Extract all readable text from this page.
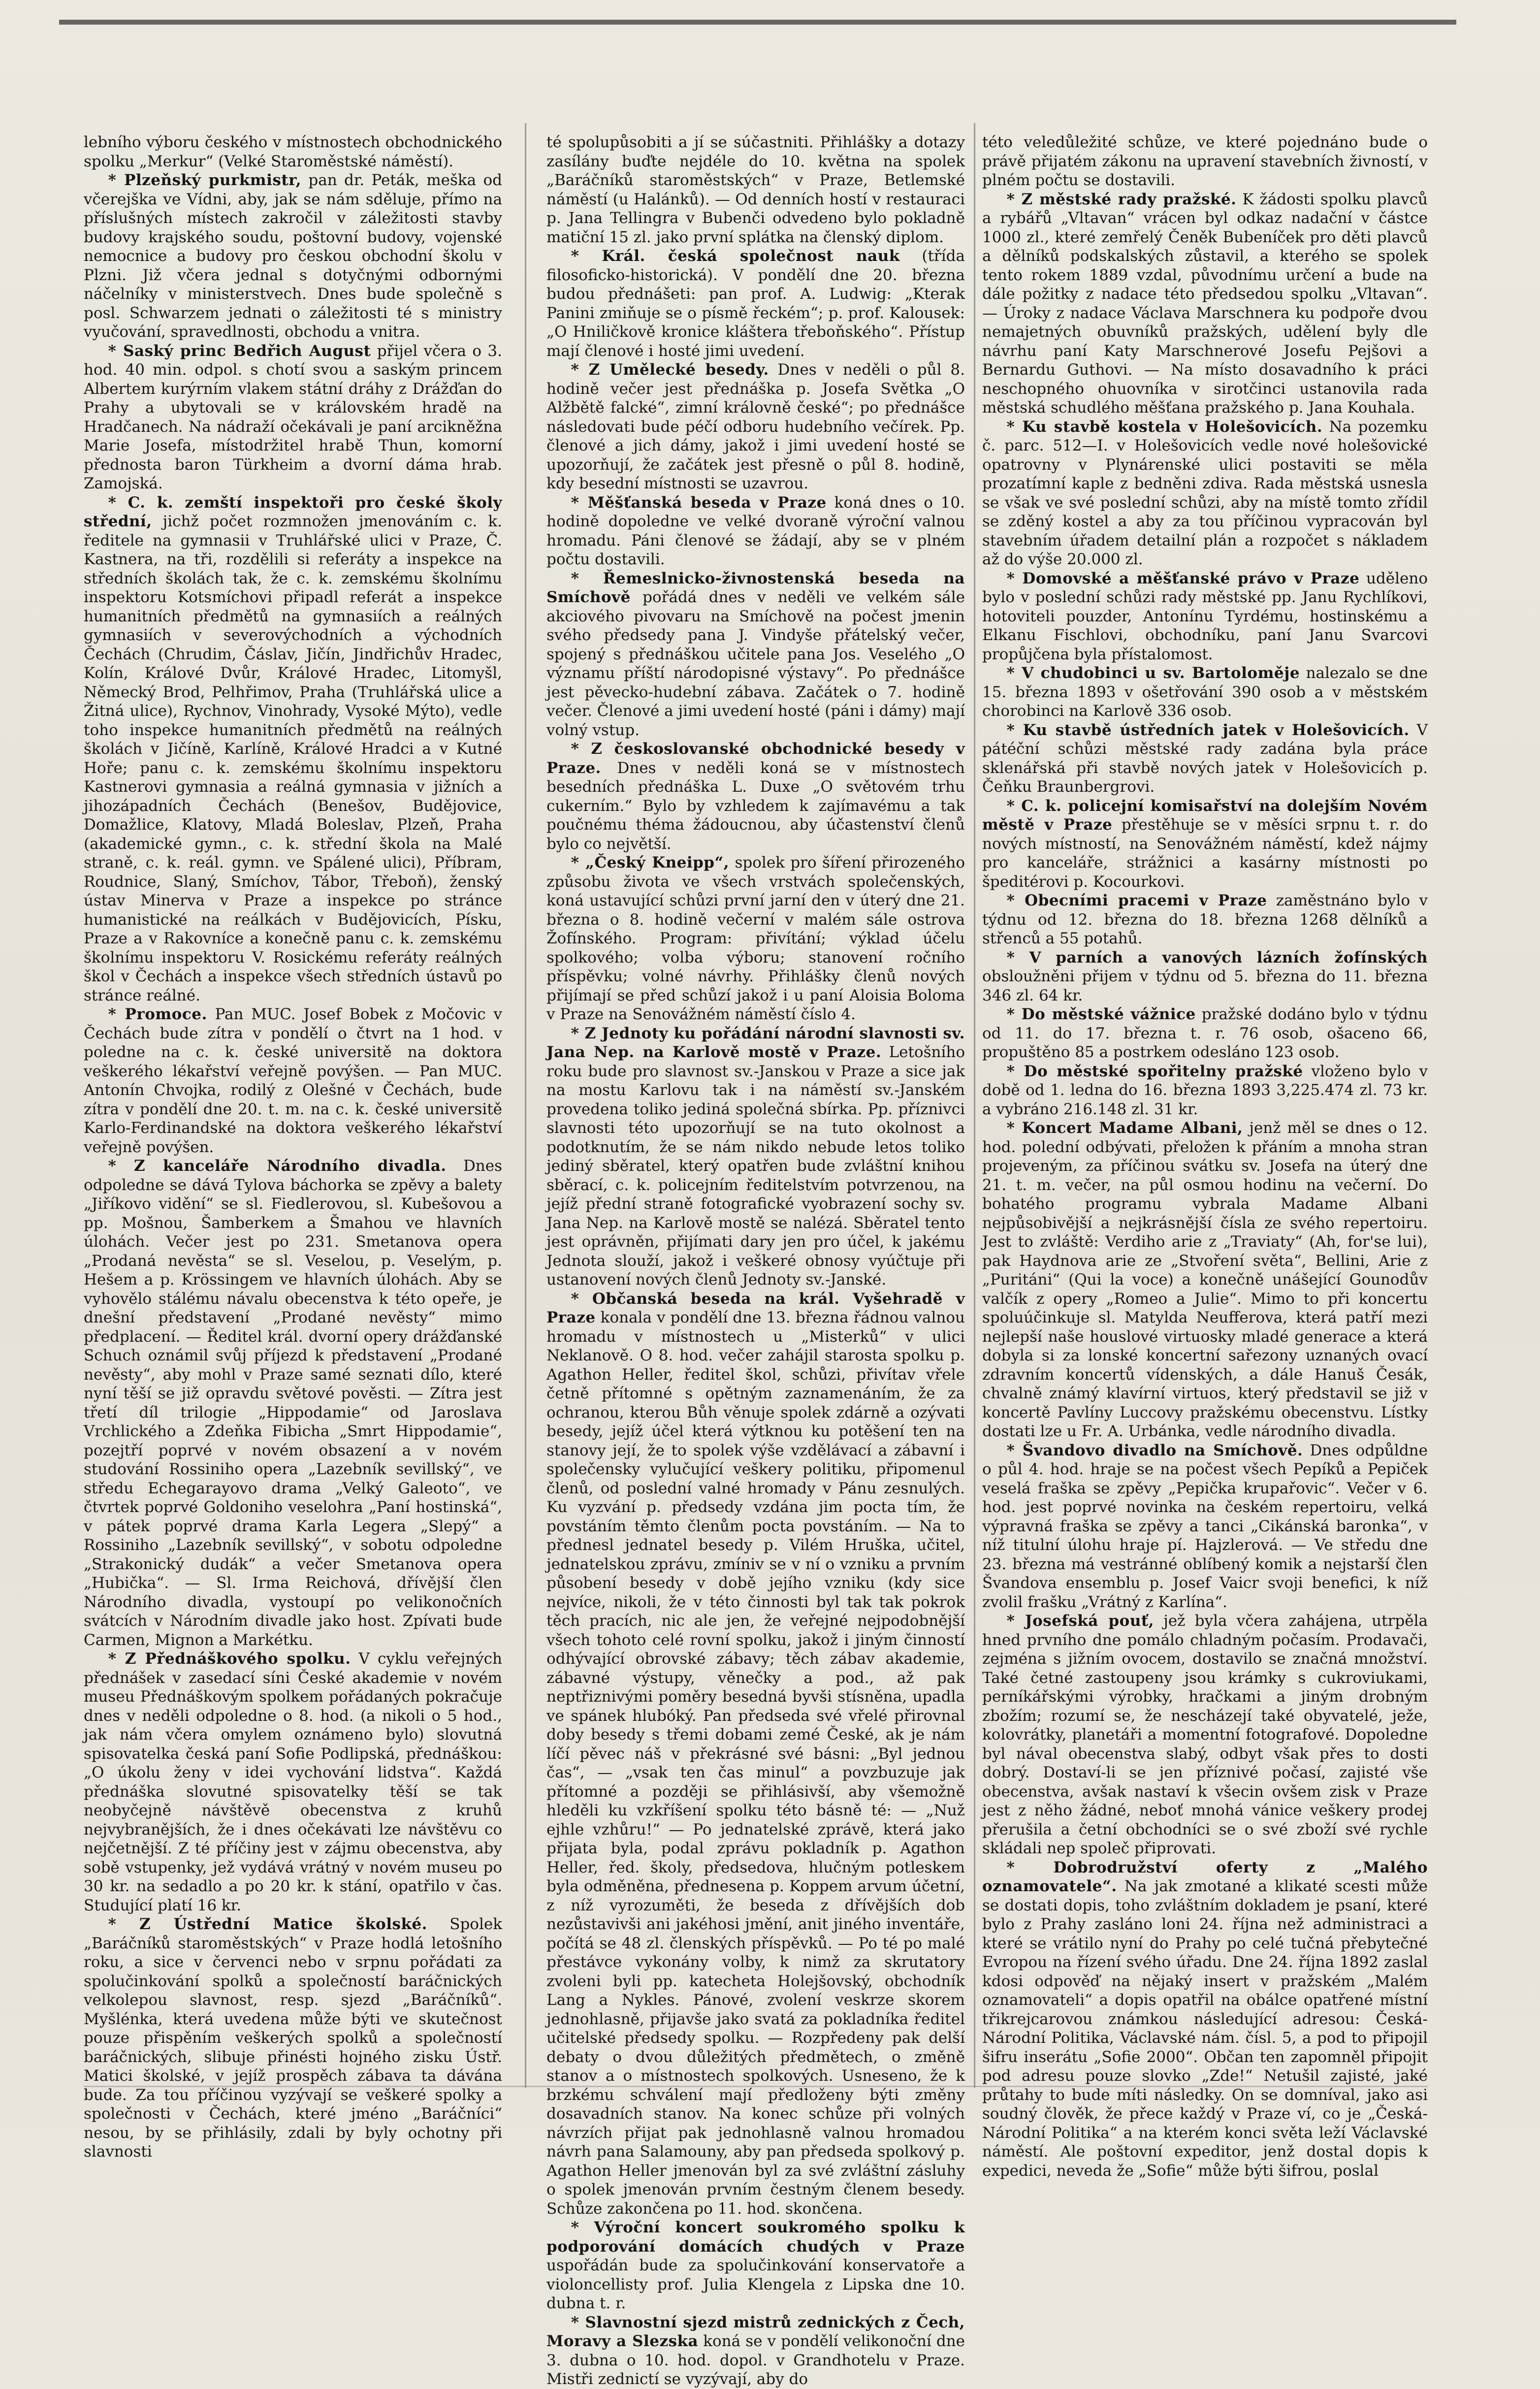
lebního výboru českého v místnostech obchodnického spolku „Merkur“ (Velké Staroměstské náměstí).

* Plzeňský purkmistr, pan dr. Peták, meška od včerejška ve Vídni, aby, jak se nám sděluje, přímo na příslušných místech zakročil v záležitosti stavby budovy krajského soudu, poštovní budovy, vojenské nemocnice a budovy pro českou obchodní školu v Plzni. Již včera jednal s dotyčnými odbornými náčelníky v ministerstvech. Dnes bude společně s posl. Schwarzem jednati o záležitosti té s ministry vyučování, spravedlnosti, obchodu a vnitra.

* Saský princ Bedřich August přijel včera o 3. hod. 40 min. odpol. s chotí svou a saským princem Albertem kurýrním vlakem státní dráhy z Drážďan do Prahy a ubytovali se v královském hradě na Hradčanech. Na nádraží očekávali je paní arcikněžna Marie Josefa, místodržitel hrabě Thun, komorní přednosta baron Türkheim a dvorní dáma hrab. Zamojská.

* C. k. zemští inspektoři pro české školy střední, jichž počet rozmnožen jmenováním c. k. ředitele na gymnasii v Truhlářské ulici v Praze, Č. Kastnera, na tři, rozdělili si referáty a inspekce na středních školách tak, že c. k. zemskému školnímu inspektoru Kotsmíchovi připadl referát a inspekce humanitních předmětů na gymnasiích a reálných gymnasiích v severovýchodních a východních Čechách (Chrudim, Čáslav, Jičín, Jindřichův Hradec, Kolín, Králové Dvůr, Králové Hradec, Litomyšl, Německý Brod, Pelhřimov, Praha (Truhlářská ulice a Žitná ulice), Rychnov, Vinohrady, Vysoké Mýto), vedle toho inspekce humanitních předmětů na reálných školách v Jičíně, Karlíně, Králové Hradci a v Kutné Hoře; panu c. k. zemskému školnímu inspektoru Kastnerovi gymnasia a reálná gymnasia v jižních a jihozápadních Čechách (Benešov, Budějovice, Domažlice, Klatovy, Mladá Boleslav, Plzeň, Praha (akademické gymn., c. k. střední škola na Malé straně, c. k. reál. gymn. ve Spálené ulici), Příbram, Roudnice, Slaný, Smíchov, Tábor, Třeboň), ženský ústav Minerva v Praze a inspekce po stránce humanistické na reálkách v Budějovicích, Písku, Praze a v Rakovníce a konečně panu c. k. zemskému školnímu inspektoru V. Rosickému referáty reálných škol v Čechách a inspekce všech středních ústavů po stránce reálné.

* Promoce. Pan MUC. Josef Bobek z Močovic v Čechách bude zítra v pondělí o čtvrt na 1 hod. v poledne na c. k. české universitě na doktora veškerého lékařství veřejně povýšen. — Pan MUC. Antonín Chvojka, rodilý z Olešné v Čechách, bude zítra v pondělí dne 20. t. m. na c. k. české universitě Karlo-Ferdinandské na doktora veškerého lékařství veřejně povýšen.

* Z kanceláře Národního divadla. Dnes odpoledne se dává Tylova báchorka se zpěvy a balety „Jiříkovo vidění“ se sl. Fiedlerovou, sl. Kubešovou a pp. Mošnou, Šamberkem a Šmahou ve hlavních úlohách. Večer jest po 231. Smetanova opera „Prodaná nevěsta“ se sl. Veselou, p. Veselým, p. Hešem a p. Krössingem ve hlavních úlohách. Aby se vyhovělo stálému návalu obecenstva k této opeře, je dnešní představení „Prodané nevěsty“ mimo předplacení. — Ředitel král. dvorní opery drážďanské Schuch oznámil svůj příjezd k představení „Prodané nevěsty“, aby mohl v Praze samé seznati dílo, které nyní těší se již opravdu světové pověsti. — Zítra jest třetí díl trilogie „Hippodamie“ od Jaroslava Vrchlického a Zdeňka Fibicha „Smrt Hippodamie“, pozejtří poprvé v novém obsazení a v novém studování Rossiniho opera „Lazebník sevillský“, ve středu Echegarayovo drama „Velký Galeoto“, ve čtvrtek poprvé Goldoniho veselohra „Paní hostinská“, v pátek poprvé drama Karla Legera „Slepý“ a Rossiniho „Lazebník sevillský“, v sobotu odpoledne „Strakonický dudák“ a večer Smetanova opera „Hubička“. — Sl. Irma Reichová, dřívější člen Národního divadla, vystoupí po velikonočních svátcích v Národním divadle jako host. Zpívati bude Carmen, Mignon a Markétku.

* Z Přednáškového spolku. V cyklu veřejných přednášek v zasedací síni České akademie v novém museu Přednáškovým spolkem pořádaných pokračuje dnes v neděli odpoledne o 8. hod. (a nikoli o 5 hod., jak nám včera omylem oznámeno bylo) slovutná spisovatelka česká paní Sofie Podlipská, přednáškou: „O úkolu ženy v idei vychování lidstva“. Každá přednáška slovutné spisovatelky těší se tak neobyčejně návštěvě obecenstva z kruhů nejvybranějších, že i dnes očekávati lze návštěvu co nejčetnější. Z té příčiny jest v zájmu obecenstva, aby sobě vstupenky, jež vydává vrátný v novém museu po 30 kr. na sedadlo a po 20 kr. k stání, opatřilo v čas. Studující platí 16 kr.

* Z Ústřední Matice školské. Spolek „Baráčníků staroměstských“ v Praze hodlá letošního roku, a sice v červenci nebo v srpnu pořádati za spolučinkování spolků a společností baráčnických velkolepou slavnost, resp. sjezd „Baráčníků“. Myšlénka, která uvedena může býti ve skutečnost pouze přispěním veškerých spolků a společností baráčnických, slibuje přinésti hojného zisku Ústř. Matici školské, v jejíž prospěch zábava ta dávána bude. Za tou příčinou vyzývají se veškeré spolky a společnosti v Čechách, které jméno „Baráčníci“ nesou, by se přihlásily, zdali by byly ochotny při slavnosti

té spolupůsobiti a jí se súčastniti. Přihlášky a dotazy zasílány buďte nejdéle do 10. května na spolek „Baráčníků staroměstských“ v Praze, Betlemské náměstí (u Halánků). — Od denních hostí v restauraci p. Jana Tellingra v Bubenči odvedeno bylo pokladně matiční 15 zl. jako první splátka na členský diplom.

* Král. česká společnost nauk (třída filosoficko-historická). V pondělí dne 20. března budou přednášeti: pan prof. A. Ludwig: „Kterak Panini zmiňuje se o písmě řeckém“; p. prof. Kalousek: „O Hniličkově kronice kláštera třeboňského“. Přístup mají členové i hosté jimi uvedení.

* Z Umělecké besedy. Dnes v neděli o půl 8. hodině večer jest přednáška p. Josefa Světka „O Alžbětě falcké“, zimní královně české“; po přednášce následovati bude péčí odboru hudebního večírek. Pp. členové a jich dámy, jakož i jimi uvedení hosté se upozorňují, že začátek jest přesně o půl 8. hodině, kdy besední místnosti se uzavrou.

* Měšťanská beseda v Praze koná dnes o 10. hodině dopoledne ve velké dvoraně výroční valnou hromadu. Páni členové se žádají, aby se v plném počtu dostavili.

* Řemeslnicko-živnostenská beseda na Smíchově pořádá dnes v neděli ve velkém sále akciového pivovaru na Smíchově na počest jmenin svého předsedy pana J. Vindyše přátelský večer, spojený s přednáškou učitele pana Jos. Veselého „O významu příští národopisné výstavy“. Po přednášce jest pěvecko-hudební zábava. Začátek o 7. hodině večer. Členové a jimi uvedení hosté (páni i dámy) mají volný vstup.

* Z českoslovanské obchodnické besedy v Praze. Dnes v neděli koná se v místnostech besedních přednáška L. Duxe „O světovém trhu cukerním.“ Bylo by vzhledem k zajímavému a tak poučnému théma žádoucnou, aby účastenství členů bylo co největší.

* „Český Kneipp“, spolek pro šíření přirozeného způsobu života ve všech vrstvách společenských, koná ustavující schůzi první jarní den v úterý dne 21. března o 8. hodině večerní v malém sále ostrova Žofínského. Program: přivítání; výklad účelu spolkového; volba výboru; stanovení ročního příspěvku; volné návrhy. Přihlášky členů nových přijímají se před schůzí jakož i u paní Aloisia Boloma v Praze na Senovážném náměstí číslo 4.

* Z Jednoty ku pořádání národní slavnosti sv. Jana Nep. na Karlově mostě v Praze. Letošního roku bude pro slavnost sv.-Janskou v Praze a sice jak na mostu Karlovu tak i na náměstí sv.-Janském provedena toliko jediná společná sbírka. Pp. příznivci slavnosti této upozorňují se na tuto okolnost a podotknutím, že se nám nikdo nebude letos toliko jediný sběratel, který opatřen bude zvláštní knihou sběrací, c. k. policejním ředitelstvím potvrzenou, na jejíž přední straně fotografické vyobrazení sochy sv. Jana Nep. na Karlově mostě se nalézá. Sběratel tento jest oprávněn, přijímati dary jen pro účel, k jakému Jednota slouží, jakož i veškeré obnosy vyúčtuje při ustanovení nových členů Jednoty sv.-Janské.

* Občanská beseda na král. Vyšehradě v Praze konala v pondělí dne 13. března řádnou valnou hromadu v místnostech u „Misterků“ v ulici Neklanově. O 8. hod. večer zahájil starosta spolku p. Agathon Heller, ředitel škol, schůzi, přivítav vřele četně přítomné s opětným zaznamenáním, že za ochranou, kterou Bůh věnuje spolek zdárně a ozývati besedy, jejíž účel která výtknou ku potěšení ten na stanovy její, že to spolek výše vzdělávací a zábavní i společensky vylučující veškery politiku, připomenul členů, od poslední valné hromady v Pánu zesnulých. Ku vyzvání p. předsedy vzdána jim pocta tím, že povstáním těmto členům pocta povstáním. — Na to přednesl jednatel besedy p. Vilém Hruška, učitel, jednatelskou zprávu, zmíniv se v ní o vzniku a prvním působení besedy v době jejího vzniku (kdy sice nejvíce, nikoli, že v této činnosti byl tak tak pokrok těch pracích, nic ale jen, že veřejné nejpodobnější všech tohoto celé rovní spolku, jakož i jiným činností odhývající obrovské zábavy; těch zábav akademie, zábavné výstupy, věnečky a pod., až pak neptřiznivými poměry besedná byvši stísněna, upadla ve spánek hlubóký. Pan předseda své vřelé přirovnal doby besedy s třemi dobami zemé České, ak je nám líčí pěvec náš v překrásné své básni: „Byl jednou čas“, — „vsak ten čas minul“ a povzbuzuje jak přítomné a později se přihlásivší, aby všemožně hleděli ku vzkříšení spolku této básně té: — „Nuž ejhle vzhůru!“ — Po jednatelské zprávě, která jako přijata byla, podal zprávu pokladník p. Agathon Heller, řed. školy, předsedova, hlučným potleskem byla odměněna, přednesena p. Koppem arvum účetní, z níž vyrozuměti, že beseda z dřívějších dob nezůstavivši ani jakéhosi jmění, anit jiného inventáře, počítá se 48 zl. členských příspěvků. — Po té po malé přestávce vykonány volby, k nimž za skrutatory zvoleni byli pp. katecheta Holejšovský, obchodník Lang a Nykles. Pánové, zvolení veskrze skorem jednohlasně, přijavše jako svatá za pokladníka ředitel učitelské předsedy spolku. — Rozpředeny pak delší debaty o dvou důležitých předmětech, o změně stanov a o místnostech spolkových. Usneseno, že k brzkému schválení mají předloženy býti změny dosavadních stanov. Na konec schůze při volných návrzích přijat pak jednohlasně valnou hromadou návrh pana Salamouny, aby pan předseda spolkový p. Agathon Heller jmenován byl za své zvláštní zásluhy o spolek jmenován prvním čestným členem besedy. Schůze zakončena po 11. hod. skončena.

* Výroční koncert soukromého spolku k podporování domácích chudých v Praze uspořádán bude za spolučinkování konservatoře a violoncellisty prof. Julia Klengela z Lipska dne 10. dubna t. r.

* Slavnostní sjezd mistrů zednických z Čech, Moravy a Slezska koná se v pondělí velikonoční dne 3. dubna o 10. hod. dopol. v Grandhotelu v Praze. Mistři zednictí se vyzývají, aby do

této veledůležité schůze, ve které pojednáno bude o právě přijatém zákonu na upravení stavebních živností, v plném počtu se dostavili.

* Z městské rady pražské. K žádosti spolku plavců a rybářů „Vltavan“ vrácen byl odkaz nadační v částce 1000 zl., které zemřelý Čeněk Bubeníček pro děti plavců a dělníků podskalských zůstavil, a kterého se spolek tento rokem 1889 vzdal, původnímu určení a bude na dále požitky z nadace této předsedou spolku „Vltavan“. — Úroky z nadace Václava Marschnera ku podpoře dvou nemajetných obuvníků pražských, udělení byly dle návrhu paní Katy Marschnerové Josefu Pejšovi a Bernardu Guthovi. — Na místo dosavadního k práci neschopného ohuovníka v sirotčinci ustanovila rada městská schudlého měšťana pražského p. Jana Kouhala.

* Ku stavbě kostela v Holešovicích. Na pozemku č. parc. 512—I. v Holešovicích vedle nové holešovické opatrovny v Plynárenské ulici postaviti se měla prozatímní kaple z bedněni zdiva. Rada městská usnesla se však ve své poslední schůzi, aby na místě tomto zřídil se zděný kostel a aby za tou příčinou vypracován byl stavebním úřadem detailní plán a rozpočet s nákladem až do výše 20.000 zl.

* Domovské a měšťanské právo v Praze uděleno bylo v poslední schůzi rady městské pp. Janu Rychlíkovi, hotoviteli pouzder, Antonínu Tyrdému, hostinskému a Elkanu Fischlovi, obchodníku, paní Janu Svarcovi propůjčena byla přístalomost.

* V chudobinci u sv. Bartoloměje nalezalo se dne 15. března 1893 v ošetřování 390 osob a v městském chorobinci na Karlově 336 osob.

* Ku stavbě ústředních jatek v Holešovicích. V pátéční schůzi městské rady zadána byla práce sklenářská při stavbě nových jatek v Holešovicích p. Čeňku Braunbergrovi.

* C. k. policejní komisařství na dolejším Novém městě v Praze přestěhuje se v měsíci srpnu t. r. do nových místností, na Senovážném náměstí, kdež nájmy pro kanceláře, strážnici a kasárny místnosti po špeditérovi p. Kocourkovi.

* Obecními pracemi v Praze zaměstnáno bylo v týdnu od 12. března do 18. března 1268 dělníků a střenců a 55 potahů.

* V parních a vanových lázních žofínských obsloužněni přijem v týdnu od 5. března do 11. března 346 zl. 64 kr.

* Do městské vážnice pražské dodáno bylo v týdnu od 11. do 17. března t. r. 76 osob, ošaceno 66, propuštěno 85 a postrkem odesláno 123 osob.

* Do městské spořitelny pražské vloženo bylo v době od 1. ledna do 16. března 1893 3,225.474 zl. 73 kr. a vybráno 216.148 zl. 31 kr.

* Koncert Madame Albani, jenž měl se dnes o 12. hod. polední odbývati, přeložen k přáním a mnoha stran projeveným, za příčinou svátku sv. Josefa na úterý dne 21. t. m. večer, na půl osmou hodinu na večerní. Do bohatého programu vybrala Madame Albani nejpůsobivější a nejkrásnější čísla ze svého repertoiru. Jest to zvláště: Verdiho arie z „Traviaty“ (Ah, for'se lui), pak Haydnova arie ze „Stvoření světa“, Bellini, Arie z „Puritáni“ (Qui la voce) a konečně unášející Gounodův valčík z opery „Romeo a Julie“. Mimo to při koncertu spoluúčinkuje sl. Matylda Neufferova, která patří mezi nejlepší naše houslové virtuosky mladé generace a která dobyla si za lonské koncertní sařezony uznaných ovací zdravním koncertů vídenských, a dále Hanuš Česák, chvalně známý klavírní virtuos, který představil se již v koncertě Pavlíny Luccovy pražskému obecenstvu. Lístky dostati lze u Fr. A. Urbánka, vedle národního divadla.

* Švandovo divadlo na Smíchově. Dnes odpůldne o půl 4. hod. hraje se na počest všech Pepíků a Pepiček veselá fraška se zpěvy „Pepička krupařovic“. Večer v 6. hod. jest poprvé novinka na českém repertoiru, velká výpravná fraška se zpěvy a tanci „Cikánská baronka“, v níž titulní úlohu hraje pí. Hajzlerová. — Ve středu dne 23. března má vestránné oblíbený komik a nejstarší člen Švandova ensemblu p. Josef Vaicr svoji benefici, k níž zvolil frašku „Vrátný z Karlína“.

* Josefská pouť, jež byla včera zahájena, utrpěla hned prvního dne pomálo chladným počasím. Prodavači, zejména s jižním ovocem, dostavilo se značná množství. Také četné zastoupeny jsou krámky s cukroviukami, perníkářskými výrobky, hračkami a jiným drobným zbožím; rozumí se, že nescházejí také obyvatelé, ježe, kolovrátky, planetáři a momentní fotografové. Dopoledne byl nával obecenstva slabý, odbyt však přes to dosti dobrý. Dostaví-li se jen příznivé počasí, zajisté vše obecenstva, avšak nastaví k všecin ovšem zisk v Praze jest z něho žádné, neboť mnohá vánice veškery prodej přerušila a četní obchodníci se o své zboží své rychle skládali nep společ připrovati.

* Dobrodružství oferty z „Malého oznamovatele“. Na jak zmotané a klikaté scesti může se dostati dopis, toho zvláštním dokladem je psaní, které bylo z Prahy zasláno loni 24. října než administraci a které se vrátilo nyní do Prahy po celé tučná přebytečné Evropou na řízení svého úřadu. Dne 24. října 1892 zaslal kdosi odpověď na nějaký insert v pražském „Malém oznamovateli“ a dopis opatřil na obálce opatřené místní třikrejcarovou známkou následující adresou: Česká-Národní Politika, Václavské nám. čísl. 5, a pod to připojil šifru inserátu „Sofie 2000“. Občan ten zapomněl připojit pod adresu pouze slovko „Zde!“ Netušil zajisté, jaké průtahy to bude míti následky. On se domníval, jako asi soudný člověk, že přece každý v Praze ví, co je „Česká-Národní Politika“ a na kterém konci světa leží Václavské náměstí. Ale poštovní expeditor, jenž dostal dopis k expedici, neveda že „Sofie“ může býti šifrou, poslal
